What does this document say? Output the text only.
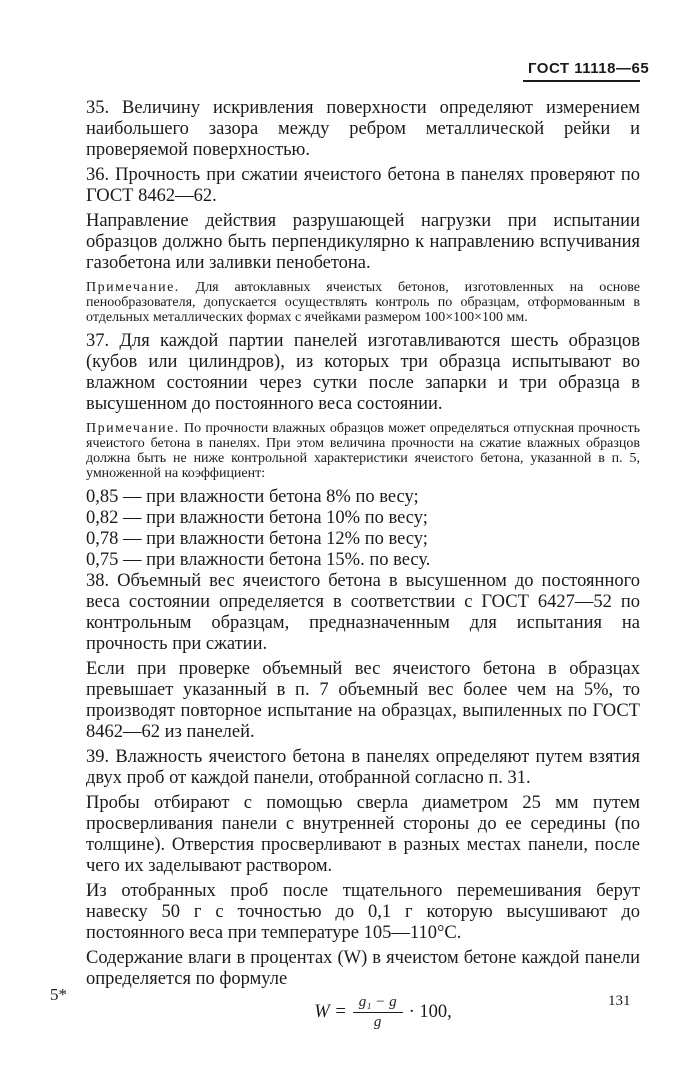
ГОСТ 11118—65

35. Величину искривления поверхности определяют измерением наибольшего зазора между ребром металлической рейки и проверяемой поверхностью.

36. Прочность при сжатии ячеистого бетона в панелях проверяют по ГОСТ 8462—62.

Направление действия разрушающей нагрузки при испытании образцов должно быть перпендикулярно к направлению вспучивания газобетона или заливки пенобетона.

Примечание. Для автоклавных ячеистых бетонов, изготовленных на основе пенообразователя, допускается осуществлять контроль по образцам, отформованным в отдельных металлических формах с ячейками размером 100×100×100 мм.

37. Для каждой партии панелей изготавливаются шесть образцов (кубов или цилиндров), из которых три образца испытывают во влажном состоянии через сутки после запарки и три образца в высушенном до постоянного веса состоянии.

Примечание. По прочности влажных образцов может определяться отпускная прочность ячеистого бетона в панелях. При этом величина прочности на сжатие влажных образцов должна быть не ниже контрольной характеристики ячеистого бетона, указанной в п. 5, умноженной на коэффициент:

0,85 — при влажности бетона 8% по весу;

0,82 — при влажности бетона 10% по весу;

0,78 — при влажности бетона 12% по весу;

0,75 — при влажности бетона 15%. по весу.

38. Объемный вес ячеистого бетона в высушенном до постоянного веса состоянии определяется в соответствии с ГОСТ 6427—52 по контрольным образцам, предназначенным для испытания на прочность при сжатии.

Если при проверке объемный вес ячеистого бетона в образцах превышает указанный в п. 7 объемный вес более чем на 5%, то производят повторное испытание на образцах, выпиленных по ГОСТ 8462—62 из панелей.

39. Влажность ячеистого бетона в панелях определяют путем взятия двух проб от каждой панели, отобранной согласно п. 31.

Пробы отбирают с помощью сверла диаметром 25 мм путем просверливания панели с внутренней стороны до ее середины (по толщине). Отверстия просверливают в разных местах панели, после чего их заделывают раствором.

Из отобранных проб после тщательного перемешивания берут навеску 50 г с точностью до 0,1 г которую высушивают до постоянного веса при температуре 105—110°C.

Содержание влаги в процентах (W) в ячеистом бетоне каждой панели определяется по формуле

$W = \frac{\text{g₁ − g}}{g} \cdot 100$,
5*	131
